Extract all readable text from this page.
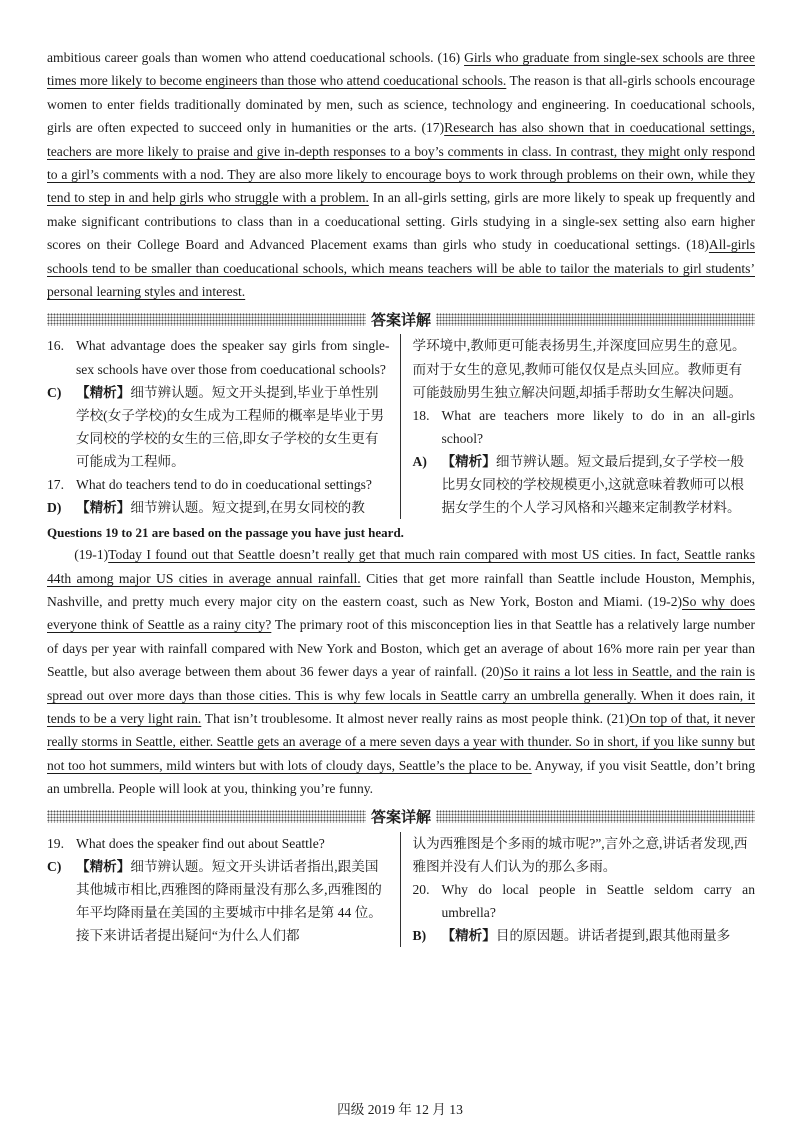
ambitious career goals than women who attend coeducational schools. (16) Girls who graduate from single-sex schools are three times more likely to become engineers than those who attend coeducational schools. The reason is that all-girls schools encourage women to enter fields traditionally dominated by men, such as science, technology and engineering. In coeducational schools, girls are often expected to succeed only in humanities or the arts. (17)Research has also shown that in coeducational settings, teachers are more likely to praise and give in-depth responses to a boy’s comments in class. In contrast, they might only respond to a girl’s comments with a nod. They are also more likely to encourage boys to work through problems on their own, while they tend to step in and help girls who struggle with a problem. In an all-girls setting, girls are more likely to speak up frequently and make significant contributions to class than in a coeducational setting. Girls studying in a single-sex setting also earn higher scores on their College Board and Advanced Placement exams than girls who study in coeducational settings. (18)All-girls schools tend to be smaller than coeducational schools, which means teachers will be able to tailor the materials to girl students’ personal learning styles and interest.

答案详解
16. What advantage does the speaker say girls from single-sex schools have over those from coeducational schools?
C)	【精析】细节辨认题。短文开头提到,毕业于单性别学校(女子学校)的女生成为工程师的概率是毕业于男女同校的学校的女生的三倍,即女子学校的女生更有可能成为工程师。
17. What do teachers tend to do in coeducational settings?
D)	【精析】细节辨认题。短文提到,在男女同校的教
学环境中,教师更可能表扬男生,并深度回应男生的意见。而对于女生的意见,教师可能仅仅是点头回应。教师更有可能鼓励男生独立解决问题,却插手帮助女生解决问题。
18. What are teachers more likely to do in an all-girls school?
A)	【精析】细节辨认题。短文最后提到,女子学校一般比男女同校的学校规模更小,这就意味着教师可以根据女学生的个人学习风格和兴趣来定制教学材料。
Questions 19 to 21 are based on the passage you have just heard.

(19-1)Today I found out that Seattle doesn’t really get that much rain compared with most US cities. In fact, Seattle ranks 44th among major US cities in average annual rainfall. Cities that get more rainfall than Seattle include Houston, Memphis, Nashville, and pretty much every major city on the eastern coast, such as New York, Boston and Miami. (19-2)So why does everyone think of Seattle as a rainy city? The primary root of this misconception lies in that Seattle has a relatively large number of days per year with rainfall compared with New York and Boston, which get an average of about 16% more rain per year than Seattle, but also average between them about 36 fewer days a year of rainfall. (20)So it rains a lot less in Seattle, and the rain is spread out over more days than those cities. This is why few locals in Seattle carry an umbrella generally. When it does rain, it tends to be a very light rain. That isn’t troublesome. It almost never really rains as most people think. (21)On top of that, it never really storms in Seattle, either. Seattle gets an average of a mere seven days a year with thunder. So in short, if you like sunny but not too hot summers, mild winters but with lots of cloudy days, Seattle’s the place to be. Anyway, if you visit Seattle, don’t bring an umbrella. People will look at you, thinking you’re funny.

答案详解
19. What does the speaker find out about Seattle?
C)	【精析】细节辨认题。短文开头讲话者指出,跟美国其他城市相比,西雅图的降雨量没有那么多,西雅图的年平均降雨量在美国的主要城市中排名是第 44 位。接下来讲话者提出疑问“为什么人们都
认为西雅图是个多雨的城市呢?”,言外之意,讲话者发现,西雅图并没有人们认为的那么多雨。
20. Why do local people in Seattle seldom carry an umbrella?
B)	【精析】目的原因题。讲话者提到,跟其他雨量多
四级 2019 年 12 月 13
